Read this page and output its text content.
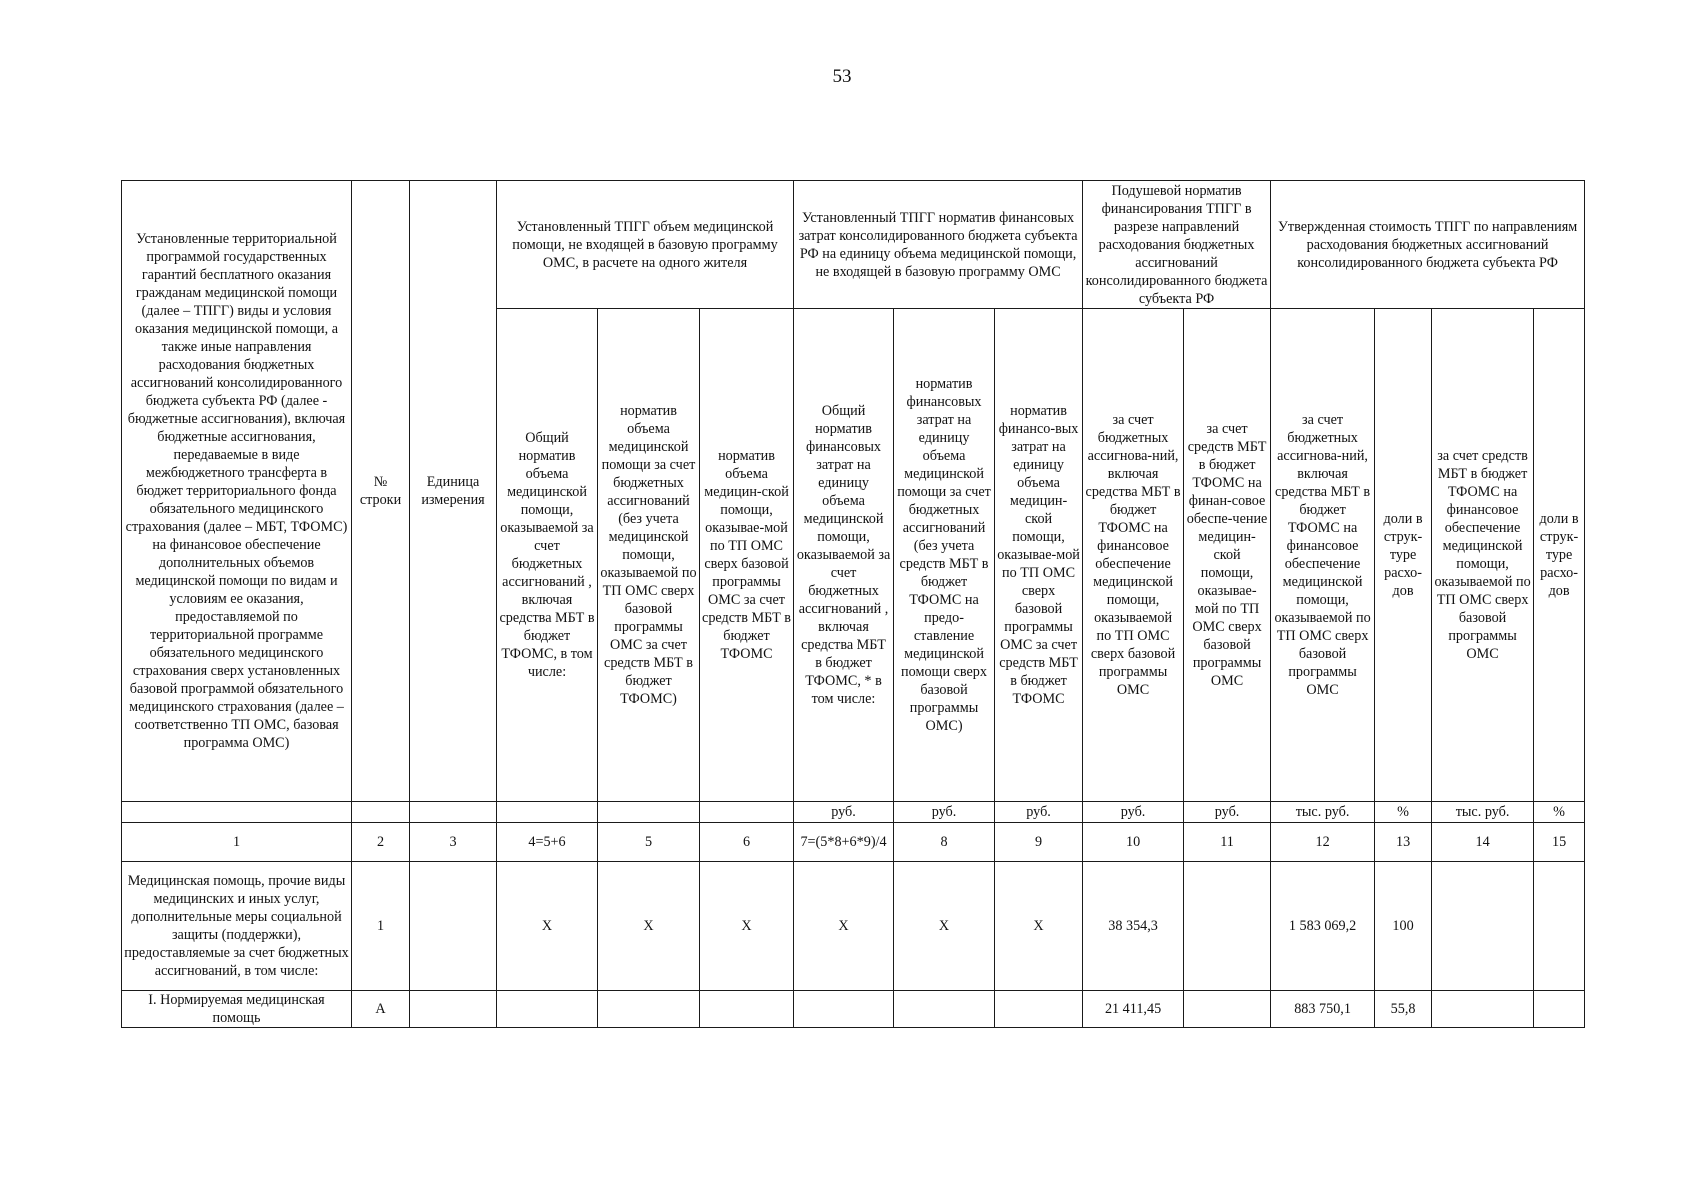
53
Установленные территориальной программой государственных гарантий бесплатного оказания гражданам медицинской помощи (далее – ТПГГ) виды и условия оказания медицинской помощи, а также иные направления расходования бюджетных ассигнований консолидированного бюджета субъекта РФ (далее - бюджетные ассигнования), включая бюджетные ассигнования, передаваемые в виде межбюджетного трансферта в бюджет территориального фонда обязательного медицинского страхования (далее – МБТ, ТФОМС) на финансовое обеспечение дополнительных объемов медицинской помощи по видам и условиям ее оказания, предоставляемой по территориальной программе обязательного медицинского страхования сверх установленных базовой программой обязательного медицинского страхования (далее – соответственно ТП ОМС, базовая программа ОМС)	№ строки	Единица измерения	Установленный ТПГГ объем медицинской помощи, не входящей в базовую программу ОМС, в расчете на одного жителя			Установленный ТПГГ норматив финансовых затрат консолидированного бюджета субъекта РФ на единицу объема медицинской помощи, не входящей в базовую программу ОМС			Подушевой норматив финансирования ТПГГ в разрезе направлений расходования бюджетных ассигнований консолидированного бюджета субъекта РФ		Утвержденная стоимость ТПГГ по направлениям расходования бюджетных ассигнований консолидированного бюджета субъекта РФ			
			Общий норматив объема медицинской помощи, оказываемой за счет бюджетных ассигнований , включая средства МБТ в бюджет ТФОМС, в том числе:	норматив объема медицинской помощи за счет бюджетных ассигнований (без учета медицинской помощи, оказываемой по ТП ОМС сверх базовой программы ОМС за счет средств МБТ в бюджет ТФОМС)	норматив объема медицин-ской помощи, оказывае-мой по ТП ОМС сверх базовой программы ОМС за счет средств МБТ в бюджет ТФОМС	Общий норматив финансовых затрат на единицу объема медицинской помощи, оказываемой за счет бюджетных ассигнований , включая средства МБТ в бюджет ТФОМС, * в том числе:	норматив финансовых затрат на единицу объема медицинской помощи за счет бюджетных ассигнований (без учета средств МБТ в бюджет ТФОМС на предо-ставление медицинской помощи сверх базовой программы ОМС)	норматив финансо-вых затрат на единицу объема медицин-ской помощи, оказывае-мой по ТП ОМС сверх базовой программы ОМС за счет средств МБТ в бюджет ТФОМС	за счет бюджетных ассигнова-ний, включая средства МБТ в бюджет ТФОМС на финансовое обеспечение медицинской помощи, оказываемой по ТП ОМС сверх базовой программы ОМС	за счет средств МБТ в бюджет ТФОМС на финан-совое обеспе-чение медицин-ской помощи, оказывае-мой по ТП ОМС сверх базовой программы ОМС	за счет бюджетных ассигнова-ний, включая средства МБТ в бюджет ТФОМС на финансовое обеспечение медицинской помощи, оказываемой по ТП ОМС сверх базовой программы ОМС	доли в струк-туре расхо-дов	за счет средств МБТ в бюджет ТФОМС на финансовое обеспечение медицинской помощи, оказываемой по ТП ОМС сверх базовой программы ОМС	доли в струк-туре расхо-дов
						руб.	руб.	руб.	руб.	руб.	тыс. руб.	%	тыс. руб.	%
1	2	3	4=5+6	5	6	7=(5*8+6*9)/4	8	9	10	11	12	13	14	15
Медицинская помощь, прочие виды медицинских и иных услуг, дополнительные меры социальной защиты (поддержки), предоставляемые за счет бюджетных ассигнований, в том числе:	1		Х	Х	Х	Х	Х	Х	38 354,3		1 583 069,2	100		
I. Нормируемая медицинская помощь	А								21 411,45		883 750,1	55,8		
